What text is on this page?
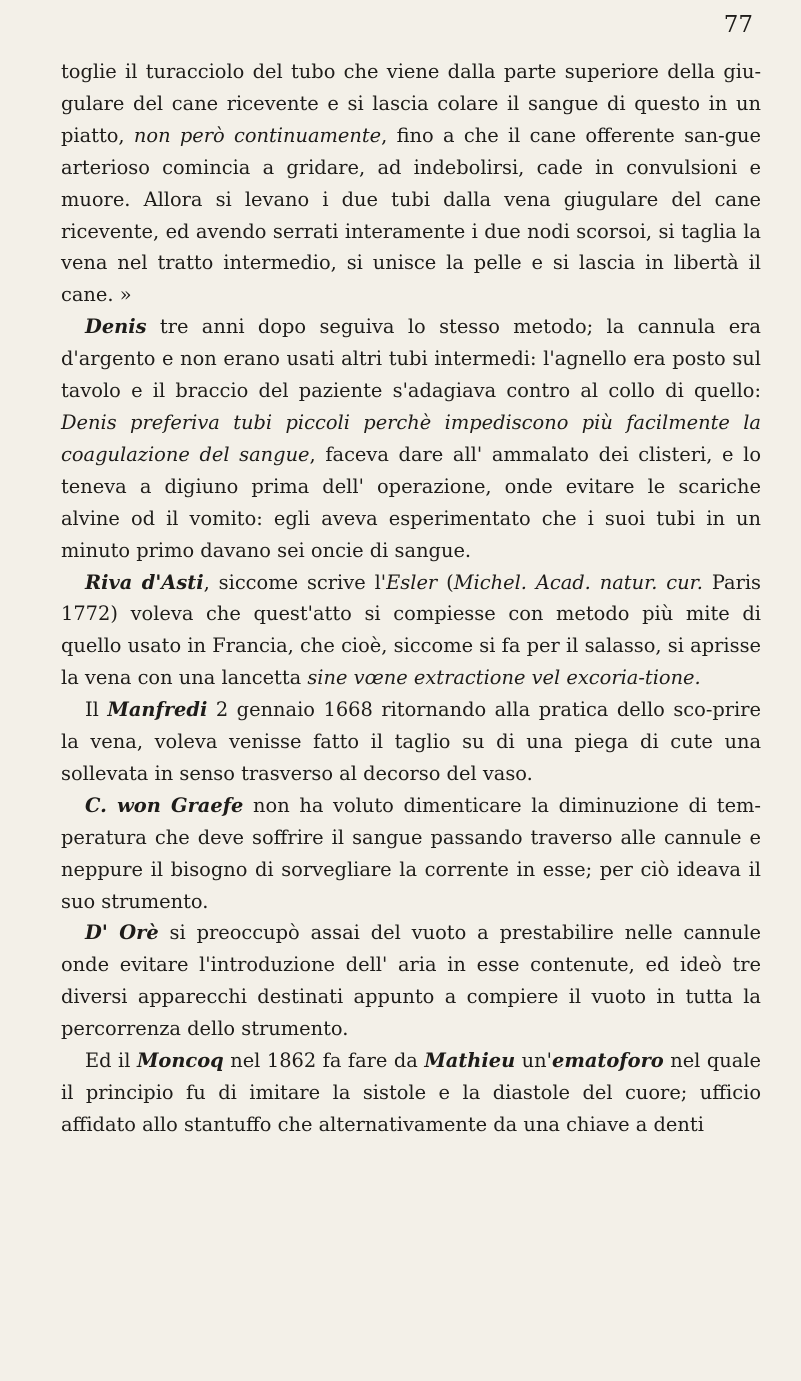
77

toglie il turacciolo del tubo che viene dalla parte superiore della giu-gulare del cane ricevente e si lascia colare il sangue di questo in un piatto, non però continuamente, fino a che il cane offerente san-gue arterioso comincia a gridare, ad indebolirsi, cade in convulsioni e muore. Allora si levano i due tubi dalla vena giugulare del cane ricevente, ed avendo serrati interamente i due nodi scorsoi, si taglia la vena nel tratto intermedio, si unisce la pelle e si lascia in libertà il cane. »

Denis tre anni dopo seguiva lo stesso metodo; la cannula era d'argento e non erano usati altri tubi intermedi: l'agnello era posto sul tavolo e il braccio del paziente s'adagiava contro al collo di quello: Denis preferiva tubi piccoli perchè impediscono più facilmente la coagulazione del sangue, faceva dare all' ammalato dei clisteri, e lo teneva a digiuno prima dell' operazione, onde evitare le scariche alvine od il vomito: egli aveva esperimentato che i suoi tubi in un minuto primo davano sei oncie di sangue.

Riva d'Asti, siccome scrive l'Esler (Michel. Acad. natur. cur. Paris 1772) voleva che quest'atto si compiesse con metodo più mite di quello usato in Francia, che cioè, siccome si fa per il salasso, si aprisse la vena con una lancetta sine vœne extractione vel excoria-tione.

Il Manfredi 2 gennaio 1668 ritornando alla pratica dello sco-prire la vena, voleva venisse fatto il taglio su di una piega di cute una sollevata in senso trasverso al decorso del vaso.

C. won Graefe non ha voluto dimenticare la diminuzione di tem-peratura che deve soffrire il sangue passando traverso alle cannule e neppure il bisogno di sorvegliare la corrente in esse; per ciò ideava il suo strumento.

D' Orè si preoccupò assai del vuoto a prestabilire nelle cannule onde evitare l'introduzione dell' aria in esse contenute, ed ideò tre diversi apparecchi destinati appunto a compiere il vuoto in tutta la percorrenza dello strumento.

Ed il Moncoq nel 1862 fa fare da Mathieu un'ematoforo nel quale il principio fu di imitare la sistole e la diastole del cuore; ufficio affidato allo stantuffo che alternativamente da una chiave a denti
